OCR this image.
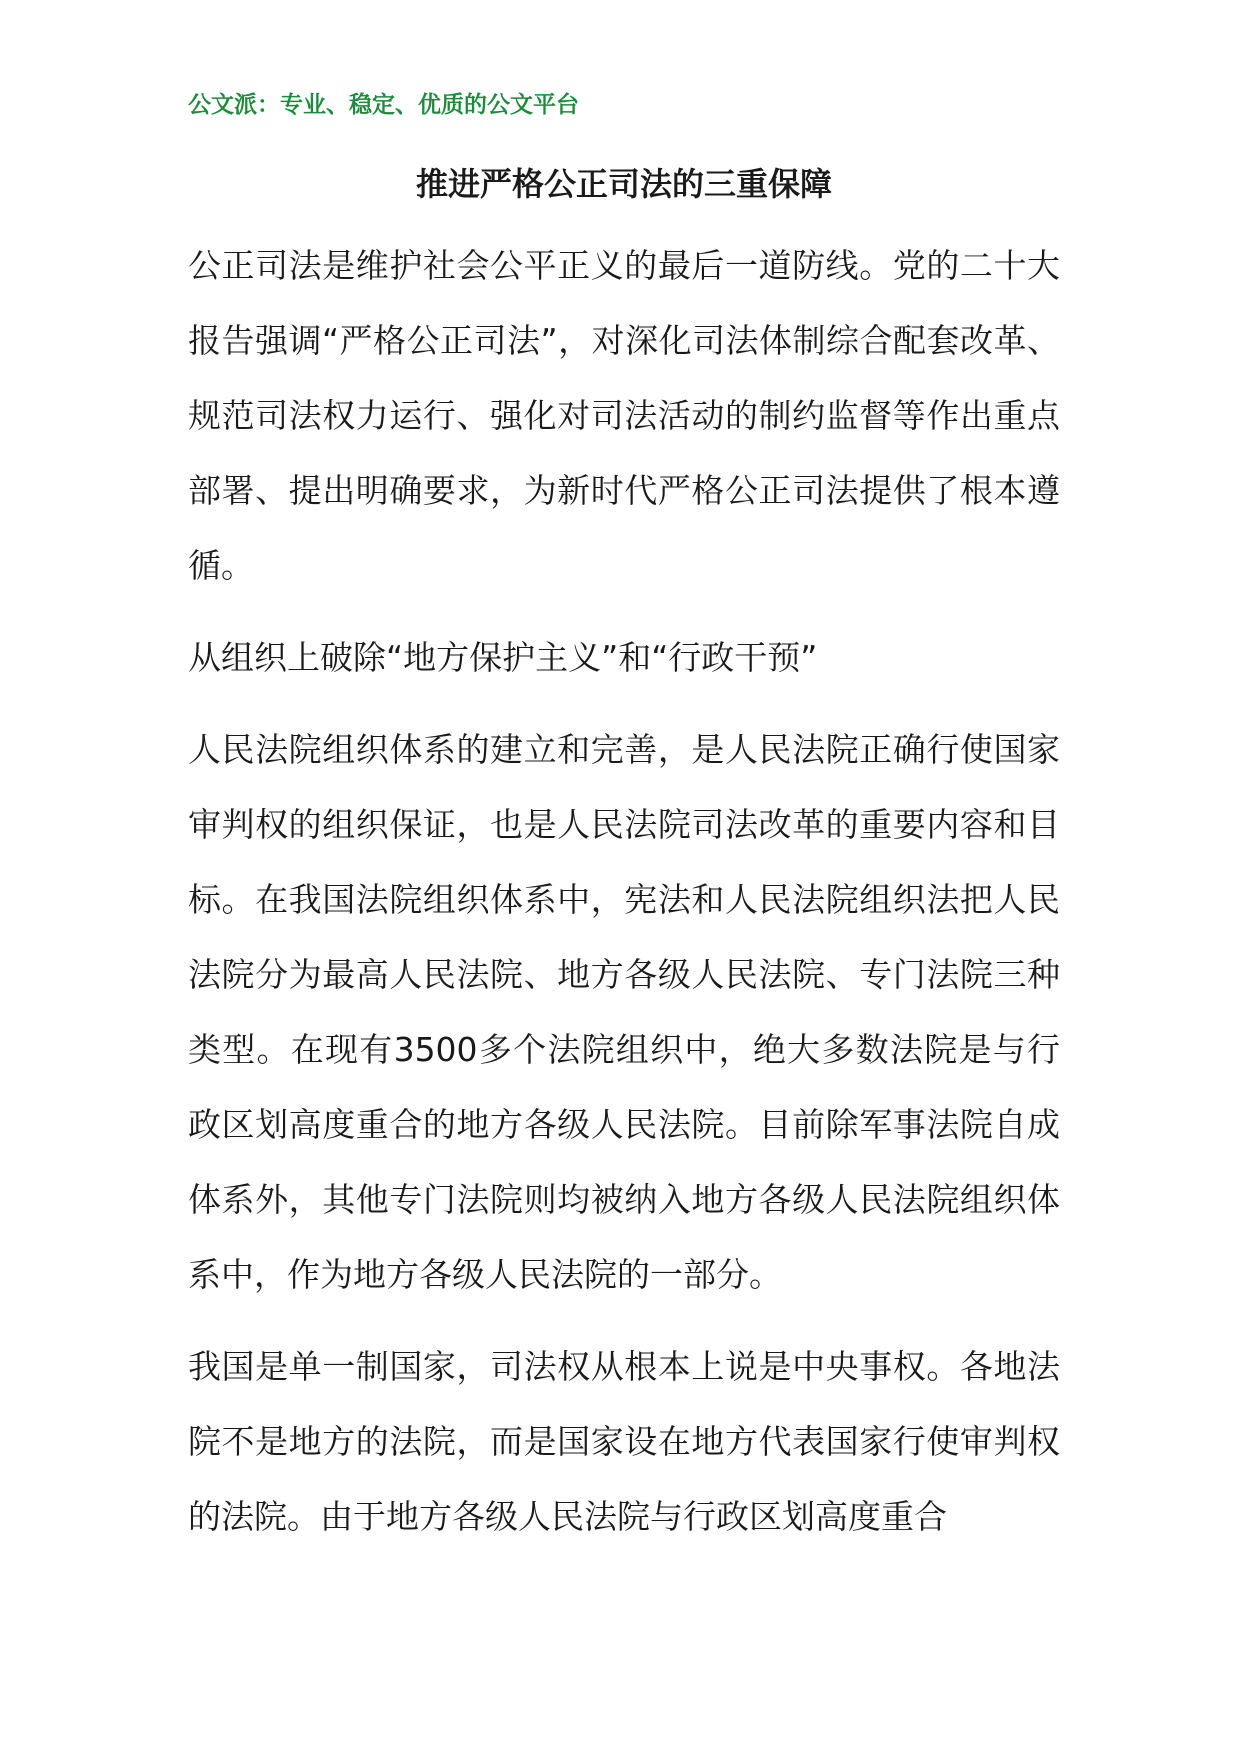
公文派：专业、稳定、优质的公文平台

推进严格公正司法的三重保障

公正司法是维护社会公平正义的最后一道防线。党的二十大报告强调“严格公正司法”，对深化司法体制综合配套改革、规范司法权力运行、强化对司法活动的制约监督等作出重点部署、提出明确要求，为新时代严格公正司法提供了根本遵循。

从组织上破除“地方保护主义”和“行政干预”

人民法院组织体系的建立和完善，是人民法院正确行使国家审判权的组织保证，也是人民法院司法改革的重要内容和目标。在我国法院组织体系中，宪法和人民法院组织法把人民法院分为最高人民法院、地方各级人民法院、专门法院三种类型。在现有3500多个法院组织中，绝大多数法院是与行政区划高度重合的地方各级人民法院。目前除军事法院自成体系外，其他专门法院则均被纳入地方各级人民法院组织体系中，作为地方各级人民法院的一部分。

我国是单一制国家，司法权从根本上说是中央事权。各地法院不是地方的法院，而是国家设在地方代表国家行使审判权的法院。由于地方各级人民法院与行政区划高度重合
